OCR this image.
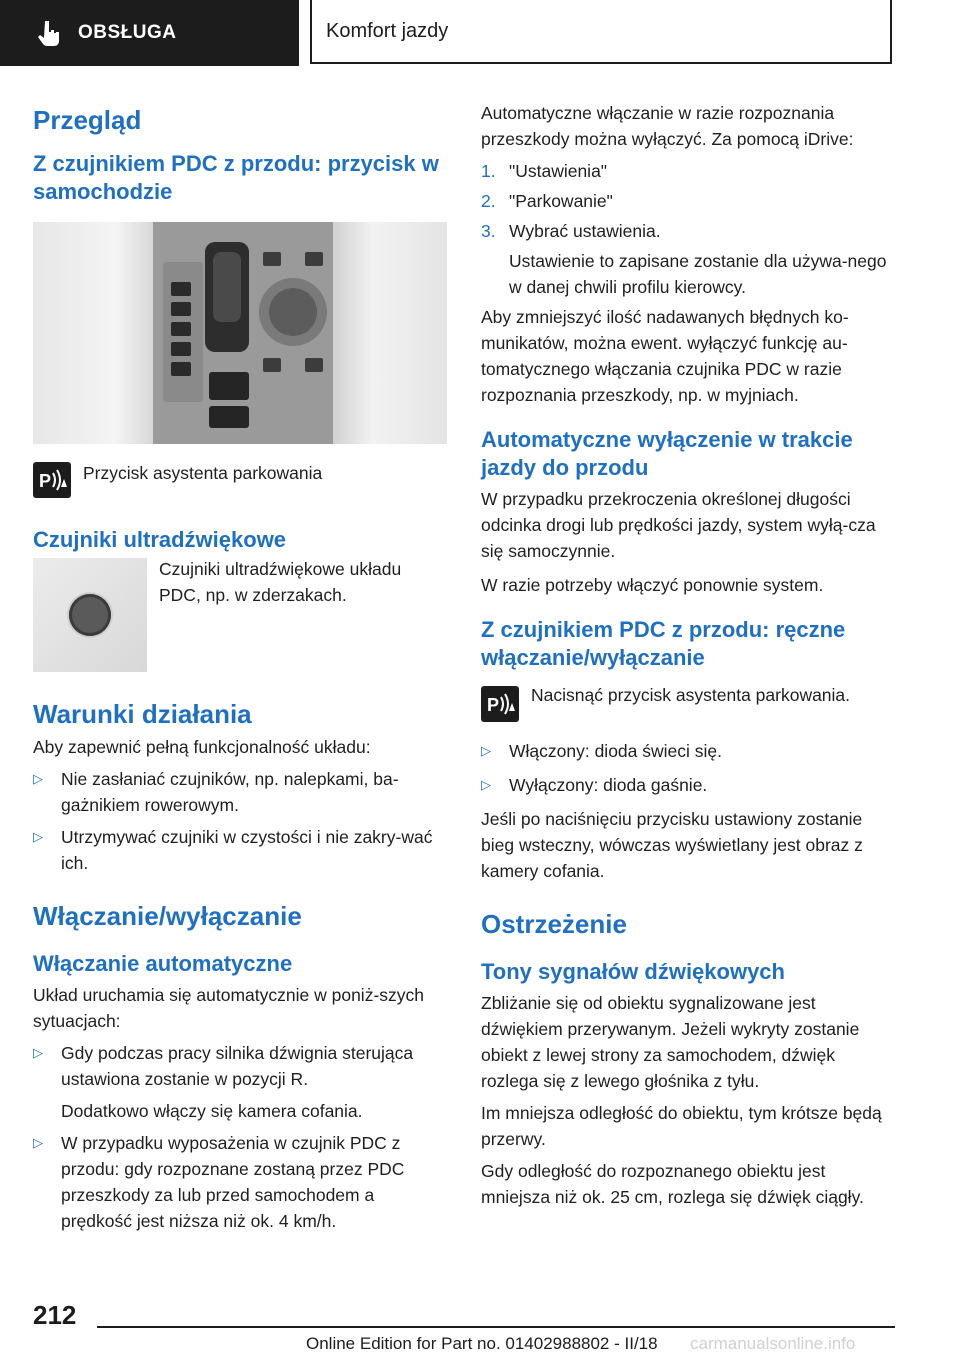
OBSŁUGA	Komfort jazdy
Przegląd
Z czujnikiem PDC z przodu: przycisk w samochodzie
P Przycisk asystenta parkowania

Czujniki ultradźwiękowe

Czujniki ultradźwiękowe układu PDC, np. w zderzakach.

Warunki działania

Aby zapewnić pełną funkcjonalność układu:

▷	Nie zasłaniać czujników, np. nalepkami, ba-gażnikiem rowerowym.
▷	Utrzymywać czujniki w czystości i nie zakry-wać ich.
Włączanie/wyłączanie
Włączanie automatyczne

Układ uruchamia się automatycznie w poniż-szych sytuacjach:

▷	Gdy podczas pracy silnika dźwignia sterująca ustawiona zostanie w pozycji R.

Dodatkowo włączy się kamera cofania.

▷	W przypadku wyposażenia w czujnik PDC z przodu: gdy rozpoznane zostaną przez PDC przeszkody za lub przed samochodem a prędkość jest niższa niż ok. 4 km/h.

Automatyczne włączanie w razie rozpoznania przeszkody można wyłączyć. Za pomocą iDrive:

1. "Ustawienia"
2. "Parkowanie"
3. Wybrać ustawienia.

Ustawienie to zapisane zostanie dla używa-nego w danej chwili profilu kierowcy.

Aby zmniejszyć ilość nadawanych błędnych ko-munikatów, można ewent. wyłączyć funkcję au-tomatycznego włączania czujnika PDC w razie rozpoznania przeszkody, np. w myjniach.

Automatyczne wyłączenie w trakcie jazdy do przodu

W przypadku przekroczenia określonej długości odcinka drogi lub prędkości jazdy, system wyłą-cza się samoczynnie.

W razie potrzeby włączyć ponownie system.

Z czujnikiem PDC z przodu: ręczne włączanie/wyłączanie
P Nacisnąć przycisk asystenta parkowania.

▷	Włączony: dioda świeci się.
▷	Wyłączony: dioda gaśnie.

Jeśli po naciśnięciu przycisku ustawiony zostanie bieg wsteczny, wówczas wyświetlany jest obraz z kamery cofania.

Ostrzeżenie
Tony sygnałów dźwiękowych

Zbliżanie się od obiektu sygnalizowane jest dźwiękiem przerywanym. Jeżeli wykryty zostanie obiekt z lewej strony za samochodem, dźwięk rozlega się z lewego głośnika z tyłu.

Im mniejsza odległość do obiektu, tym krótsze będą przerwy.

Gdy odległość do rozpoznanego obiektu jest mniejsza niż ok. 25 cm, rozlega się dźwięk ciągły.

212
Online Edition for Part no. 01402988802 - II/18 carmanualsonline.info
